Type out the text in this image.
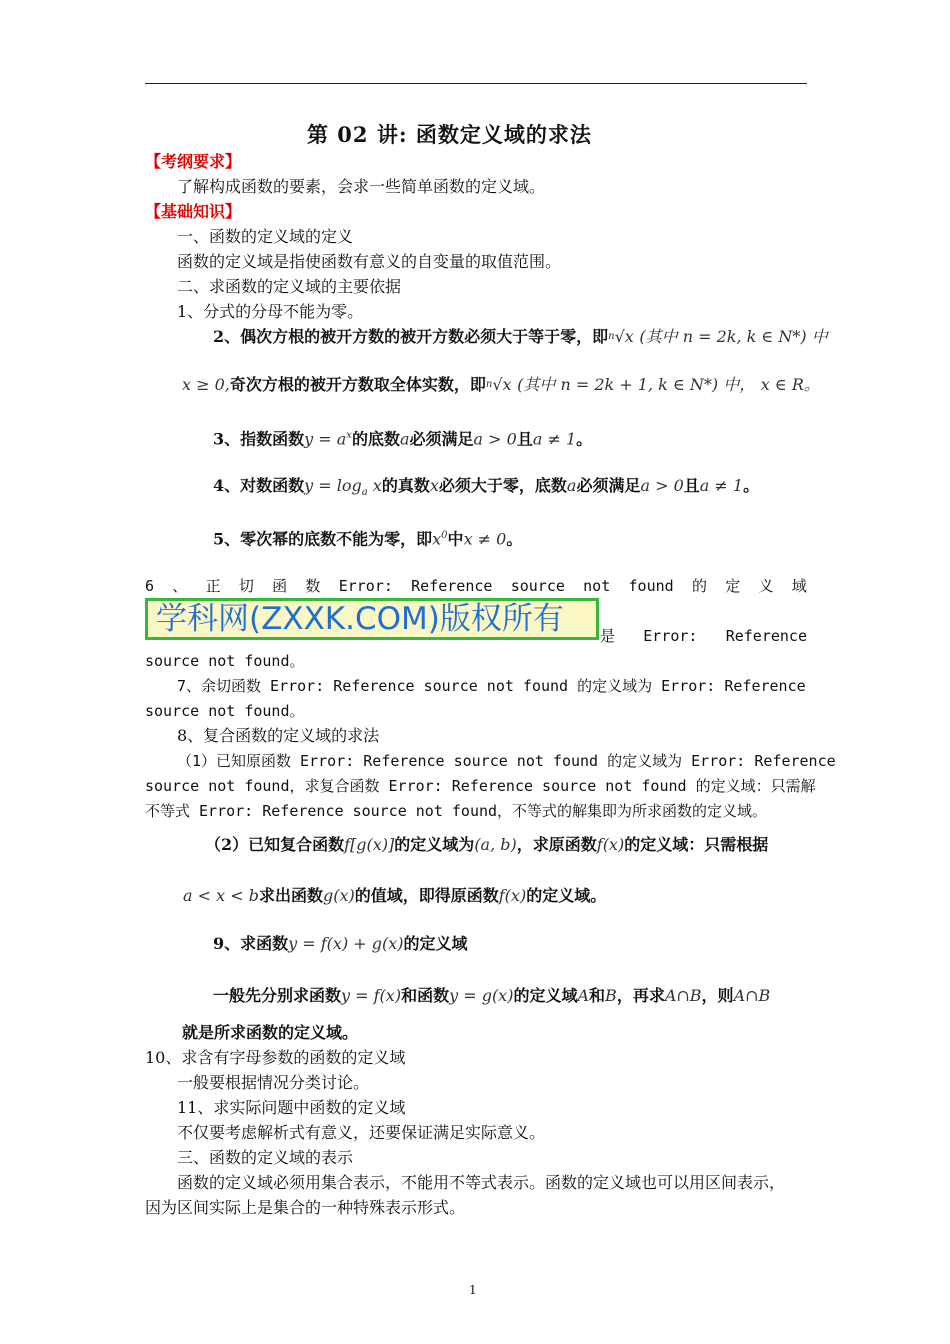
第 02 讲: 函数定义域的求法
【考纲要求】
了解构成函数的要素，会求一些简单函数的定义域。
【基础知识】
一、函数的定义域的定义
函数的定义域是指使函数有意义的自变量的取值范围。
二、求函数的定义域的主要依据
1、分式的分母不能为零。
2、偶次方根的被开方数的被开方数必须大于等于零，即$^n$√x (其中 n = 2k, k ∈ N*) 中
x ≥ 0,奇次方根的被开方数取全体实数，即$^n$√x (其中 n = 2k + 1, k ∈ N*) 中， x ∈ R。
3、指数函数$y = a^x$的底数a必须满足a > 0且a ≠ 1。
4、对数函数$y = \log_a x$的真数x必须大于零，底数a必须满足a > 0且a ≠ 1。
5、零次幂的底数不能为零，即$x^0$中x ≠ 0。
6 、 正 切 函 数 Error: Reference source not found 的 定 义 域
学科网(ZXXK.COM)版权所有	是 Error: Reference
source not found。
7、余切函数 Error: Reference source not found 的定义域为 Error: Reference
source not found。
8、复合函数的定义域的求法
（1）已知原函数 Error: Reference source not found 的定义域为 Error: Reference
source not found，求复合函数 Error: Reference source not found 的定义域：只需解
不等式 Error: Reference source not found，不等式的解集即为所求函数的定义域。
（2）已知复合函数f[g(x)]的定义域为(a, b)，求原函数f(x)的定义域：只需根据
a < x < b求出函数g(x)的值域，即得原函数f(x)的定义域。
9、求函数y = f(x) + g(x)的定义域
一般先分别求函数y = f(x)和函数y = g(x)的定义域A和B，再求A∩B，则A∩B
就是所求函数的定义域。
10、求含有字母参数的函数的定义域
一般要根据情况分类讨论。
11、求实际问题中函数的定义域
不仅要考虑解析式有意义，还要保证满足实际意义。
三、函数的定义域的表示
函数的定义域必须用集合表示，不能用不等式表示。函数的定义域也可以用区间表示，
因为区间实际上是集合的一种特殊表示形式。
1
